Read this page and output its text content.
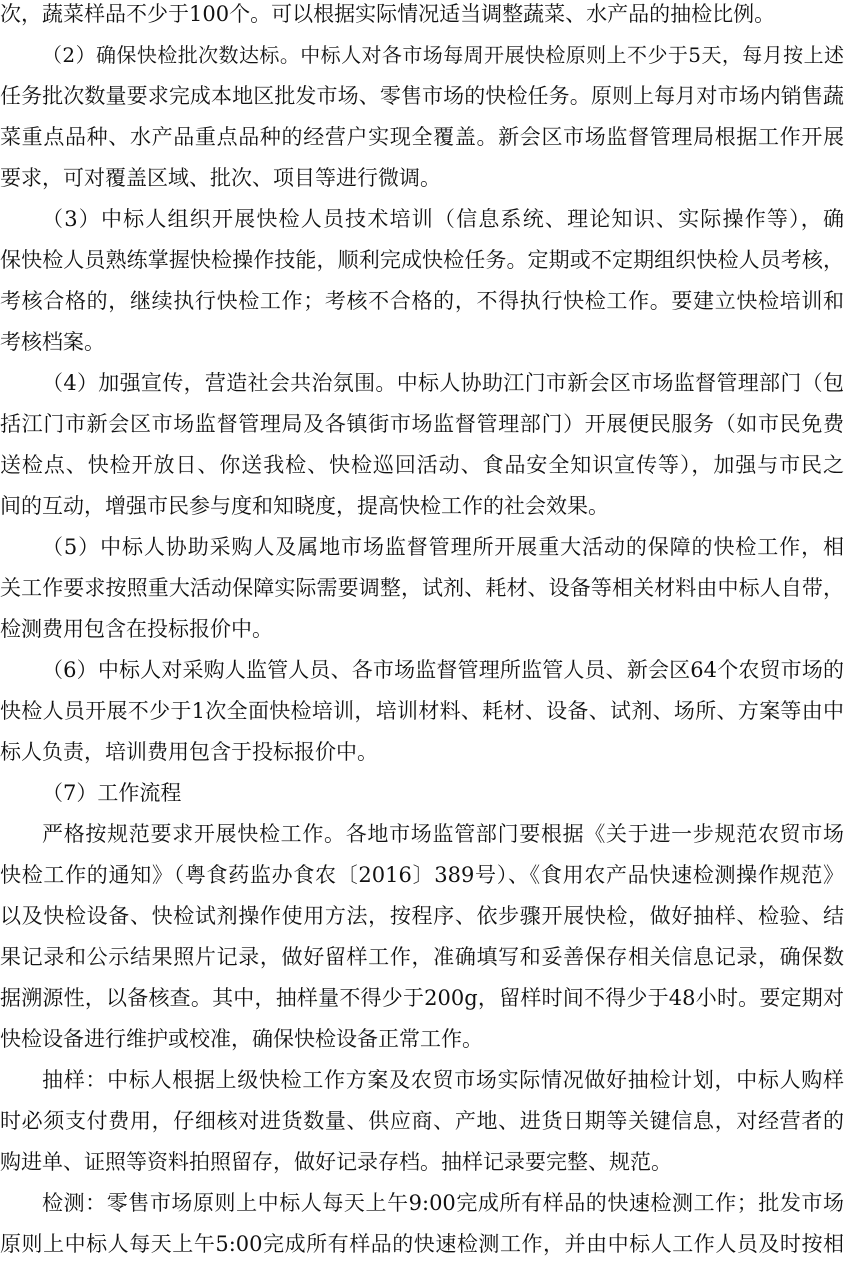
次，蔬菜样品不少于100个。可以根据实际情况适当调整蔬菜、水产品的抽检比例。
（2）确保快检批次数达标。中标人对各市场每周开展快检原则上不少于5天，每月按上述
任务批次数量要求完成本地区批发市场、零售市场的快检任务。原则上每月对市场内销售蔬
菜重点品种、水产品重点品种的经营户实现全覆盖。新会区市场监督管理局根据工作开展
要求，可对覆盖区域、批次、项目等进行微调。
（3）中标人组织开展快检人员技术培训（信息系统、理论知识、实际操作等），确
保快检人员熟练掌握快检操作技能，顺利完成快检任务。定期或不定期组织快检人员考核，
考核合格的，继续执行快检工作；考核不合格的，不得执行快检工作。要建立快检培训和
考核档案。
（4）加强宣传，营造社会共治氛围。中标人协助江门市新会区市场监督管理部门（包
括江门市新会区市场监督管理局及各镇街市场监督管理部门）开展便民服务（如市民免费
送检点、快检开放日、你送我检、快检巡回活动、食品安全知识宣传等），加强与市民之
间的互动，增强市民参与度和知晓度，提高快检工作的社会效果。
（5）中标人协助采购人及属地市场监督管理所开展重大活动的保障的快检工作，相
关工作要求按照重大活动保障实际需要调整，试剂、耗材、设备等相关材料由中标人自带，
检测费用包含在投标报价中。
（6）中标人对采购人监管人员、各市场监督管理所监管人员、新会区64个农贸市场的
快检人员开展不少于1次全面快检培训，培训材料、耗材、设备、试剂、场所、方案等由中
标人负责，培训费用包含于投标报价中。
（7）工作流程
严格按规范要求开展快检工作。各地市场监管部门要根据《关于进一步规范农贸市场
快检工作的通知》（粤食药监办食农〔2016〕389号）、《食用农产品快速检测操作规范》
以及快检设备、快检试剂操作使用方法，按程序、依步骤开展快检，做好抽样、检验、结
果记录和公示结果照片记录，做好留样工作，准确填写和妥善保存相关信息记录，确保数
据溯源性，以备核查。其中，抽样量不得少于200g，留样时间不得少于48小时。要定期对
快检设备进行维护或校准，确保快检设备正常工作。
抽样：中标人根据上级快检工作方案及农贸市场实际情况做好抽检计划，中标人购样
时必须支付费用，仔细核对进货数量、供应商、产地、进货日期等关键信息，对经营者的
购进单、证照等资料拍照留存，做好记录存档。抽样记录要完整、规范。
检测：零售市场原则上中标人每天上午9:00完成所有样品的快速检测工作；批发市场
原则上中标人每天上午5:00完成所有样品的快速检测工作，并由中标人工作人员及时按相
